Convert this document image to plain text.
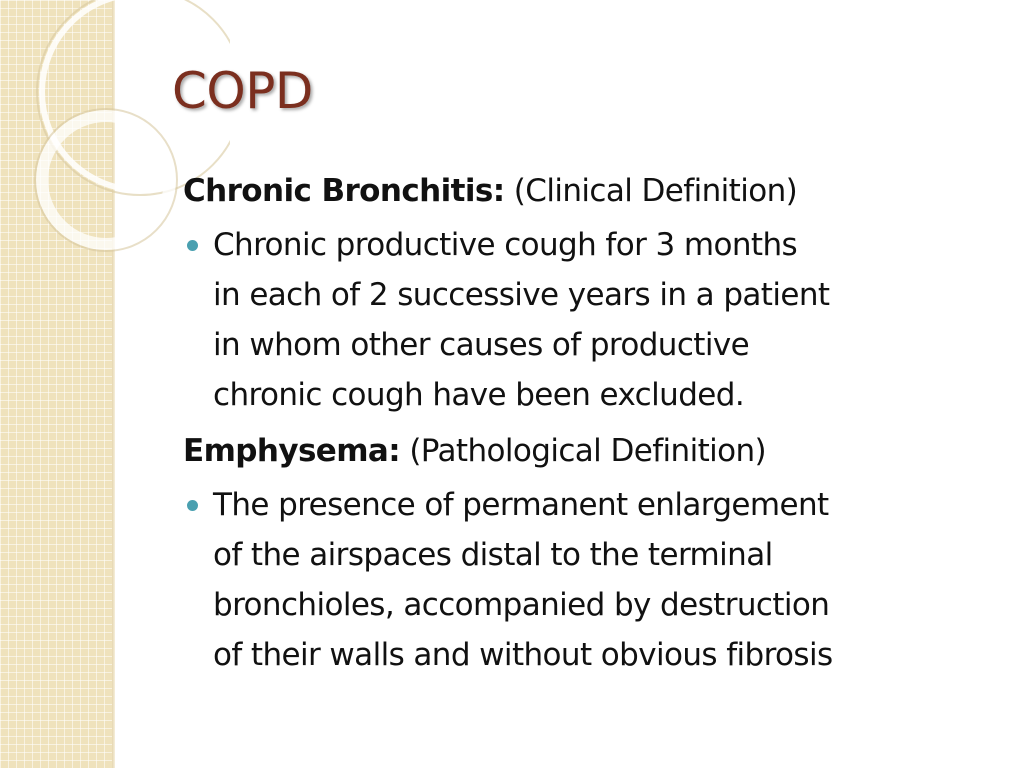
COPD

Chronic Bronchitis: (Clinical Definition)

Chronic productive cough for 3 months
in each of 2 successive years in a patient
in whom other causes of productive
chronic cough have been excluded.

Emphysema: (Pathological Definition)

The presence of permanent enlargement
of the airspaces distal to the terminal
bronchioles, accompanied by destruction
of their walls and without obvious fibrosis
